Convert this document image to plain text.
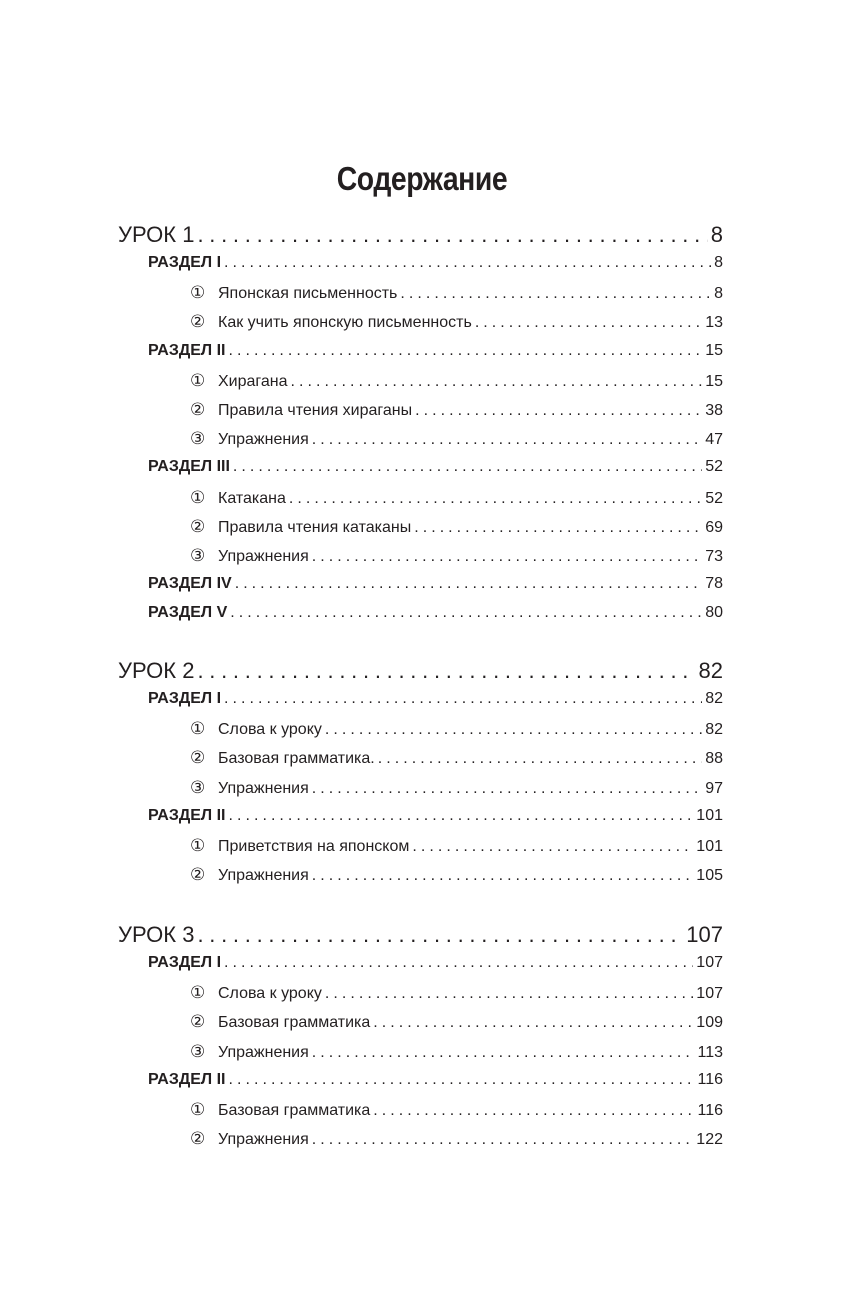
Содержание
УРОК 1 . . .	8
РАЗДЕЛ I . . .	8
① Японская письменность . . .	8
② Как учить японскую письменность . . .	13
РАЗДЕЛ II . . .	15
① Хирагана . . .	15
② Правила чтения хираганы . . .	38
③ Упражнения . . .	47
РАЗДЕЛ III . . .	52
① Катакана . . .	52
② Правила чтения катаканы . . .	69
③ Упражнения . . .	73
РАЗДЕЛ IV . . .	78
РАЗДЕЛ V . . .	80
УРОК 2 . . .	82
РАЗДЕЛ I . . .	82
① Слова к уроку . . .	82
② Базовая грамматика. . . .	88
③ Упражнения . . .	97
РАЗДЕЛ II . . .	101
① Приветствия на японском . . .	101
② Упражнения . . .	105
УРОК 3 . . .	107
РАЗДЕЛ I . . .	107
① Слова к уроку . . .	107
② Базовая грамматика . . .	109
③ Упражнения . . .	113
РАЗДЕЛ II . . .	116
① Базовая грамматика . . .	116
② Упражнения . . .	122
